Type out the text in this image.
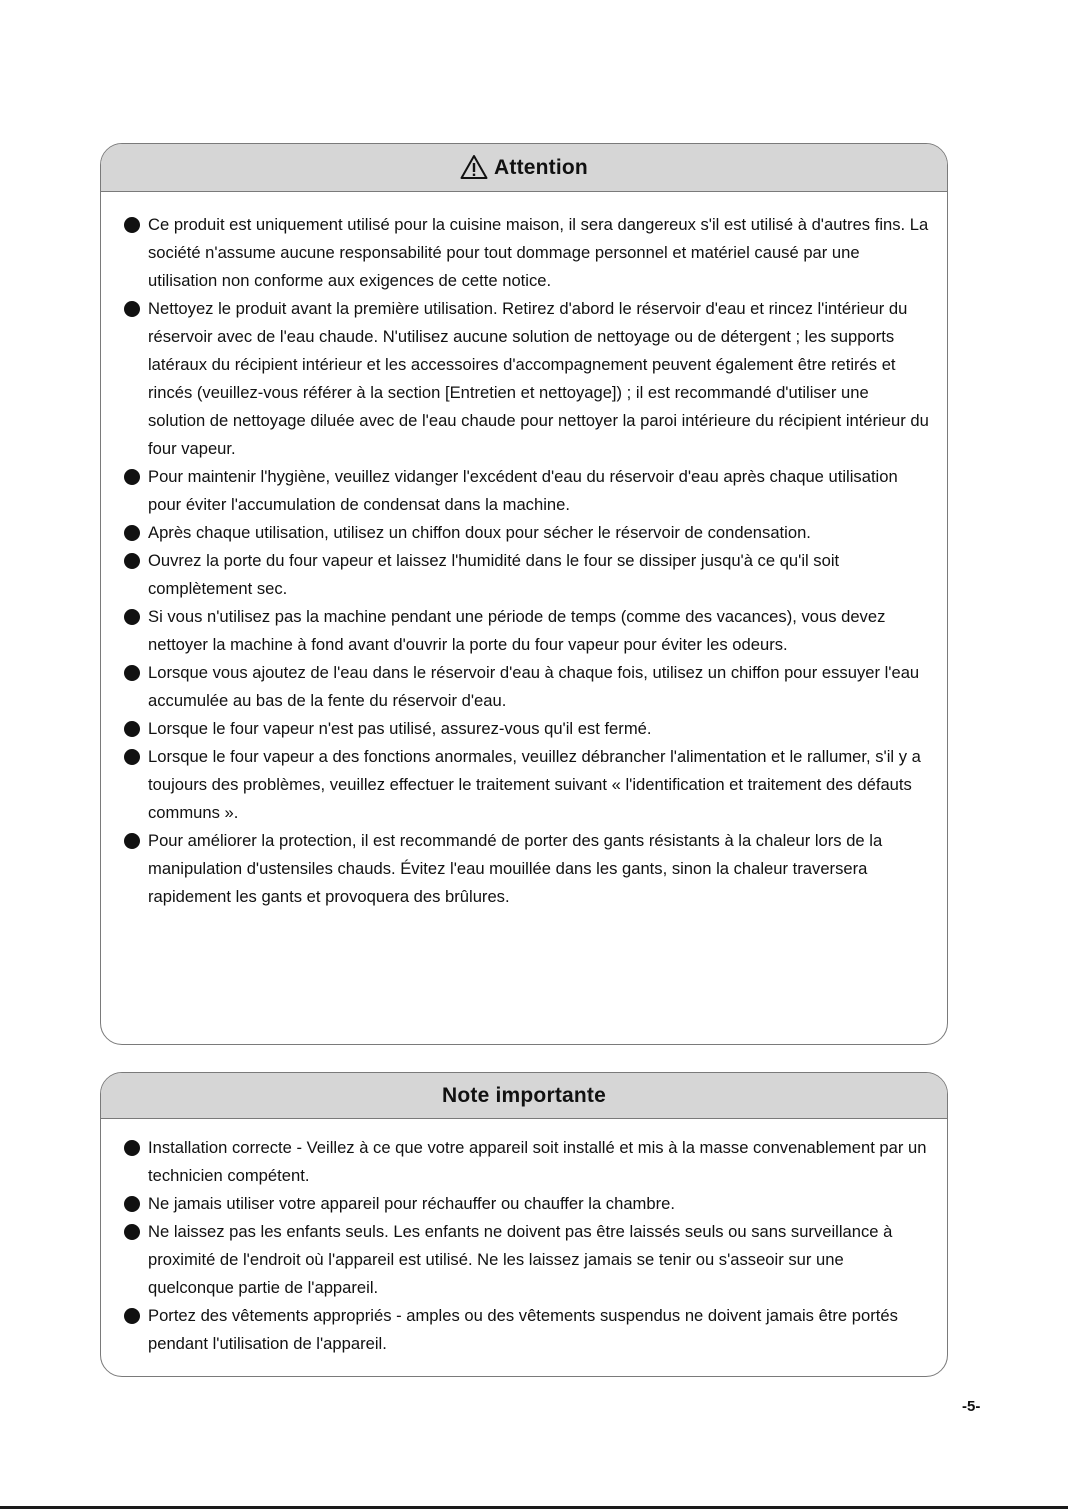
Attention
Ce produit est uniquement utilisé pour la cuisine maison, il sera dangereux s'il est utilisé à d'autres fins. La société n'assume aucune responsabilité pour tout dommage personnel et matériel causé par une utilisation non conforme aux exigences de cette notice.
Nettoyez le produit avant la première utilisation. Retirez d'abord le réservoir d'eau et rincez l'intérieur du réservoir avec de l'eau chaude. N'utilisez aucune solution de nettoyage ou de détergent ; les supports latéraux du récipient intérieur et les accessoires d'accompagnement peuvent également être retirés et rincés (veuillez-vous référer à la section [Entretien et nettoyage]) ; il est recommandé d'utiliser une solution de nettoyage diluée avec de l'eau chaude pour nettoyer la paroi intérieure du récipient intérieur du four vapeur.
Pour maintenir l'hygiène, veuillez vidanger l'excédent d'eau du réservoir d'eau après chaque utilisation pour éviter l'accumulation de condensat dans la machine.
Après chaque utilisation, utilisez un chiffon doux pour sécher le réservoir de condensation.
Ouvrez la porte du four vapeur et laissez l'humidité dans le four se dissiper jusqu'à ce qu'il soit complètement sec.
Si vous n'utilisez pas la machine pendant une période de temps (comme des vacances), vous devez nettoyer la machine à fond avant d'ouvrir la porte du four vapeur pour éviter les odeurs.
Lorsque vous ajoutez de l'eau dans le réservoir d'eau à chaque fois, utilisez un chiffon pour essuyer l'eau accumulée au bas de la fente du réservoir d'eau.
Lorsque le four vapeur n'est pas utilisé, assurez-vous qu'il est fermé.
Lorsque le four vapeur a des fonctions anormales, veuillez débrancher l'alimentation et le rallumer, s'il y a toujours des problèmes, veuillez effectuer le traitement suivant « l'identification et traitement des défauts communs ».
Pour améliorer la protection, il est recommandé de porter des gants résistants à la chaleur lors de la manipulation d'ustensiles chauds. Évitez l'eau mouillée dans les gants, sinon la chaleur traversera rapidement les gants et provoquera des brûlures.
Note importante
Installation correcte - Veillez à ce que votre appareil soit installé et mis à la masse convenablement par un technicien compétent.
Ne jamais utiliser votre appareil pour réchauffer ou chauffer la chambre.
Ne laissez pas les enfants seuls. Les enfants ne doivent pas être laissés seuls ou sans surveillance à proximité de l'endroit où l'appareil est utilisé. Ne les laissez jamais se tenir ou s'asseoir sur une quelconque partie de l'appareil.
Portez des vêtements appropriés - amples ou des vêtements suspendus ne doivent jamais être portés pendant l'utilisation de l'appareil.
-5-
